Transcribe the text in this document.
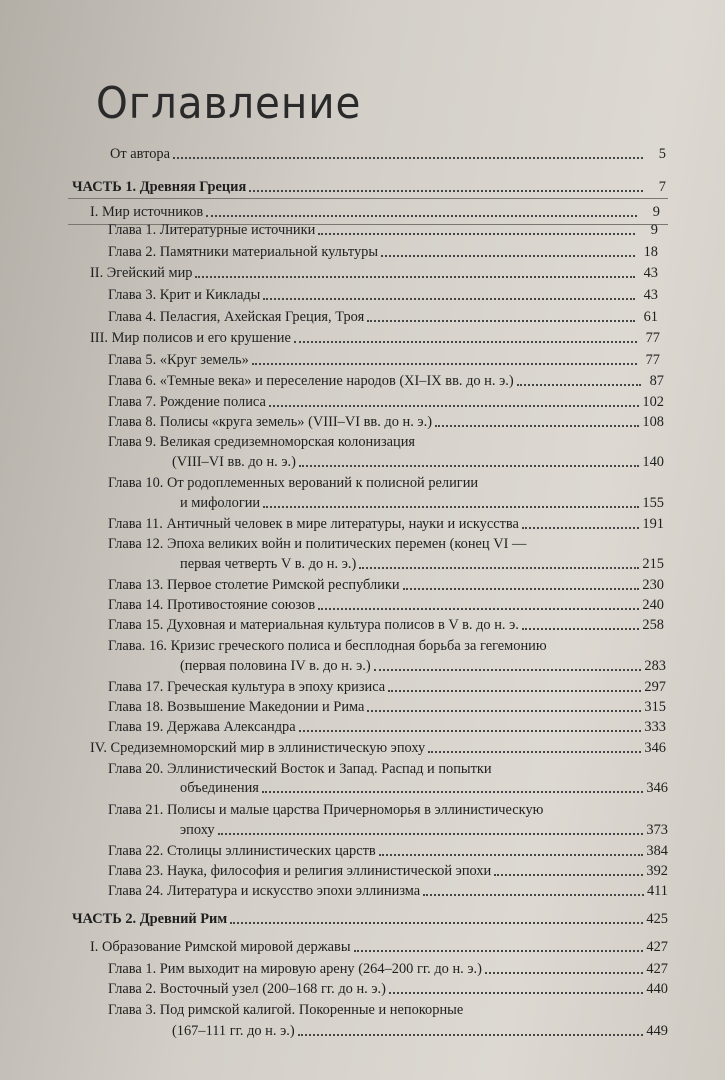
Оглавление
От автора	5
ЧАСТЬ 1. Древняя Греция	7
I. Мир источников	9
Глава 1. Литературные источники	9
Глава 2. Памятники материальной культуры	18
II. Эгейский мир	43
Глава 3. Крит и Киклады	43
Глава 4. Пеласгия, Ахейская Греция, Троя	61
III. Мир полисов и его крушение	77
Глава 5. «Круг земель»	77
Глава 6. «Темные века» и переселение народов (XI–IX вв. до н. э.)	87
Глава 7. Рождение полиса	102
Глава 8. Полисы «круга земель» (VIII–VI вв. до н. э.)	108
Глава 9. Великая средиземноморская колонизация
(VIII–VI вв. до н. э.)	140
Глава 10. От родоплеменных верований к полисной религии
и мифологии	155
Глава 11. Античный человек в мире литературы, науки и искусства	191
Глава 12. Эпоха великих войн и политических перемен (конец VI —
первая четверть V в. до н. э.)	215
Глава 13. Первое столетие Римской республики	230
Глава 14. Противостояние союзов	240
Глава 15. Духовная и материальная культура полисов в V в. до н. э.	258
Глава. 16. Кризис греческого полиса и бесплодная борьба за гегемонию
(первая половина IV в. до н. э.)	283
Глава 17. Греческая культура в эпоху кризиса	297
Глава 18. Возвышение Македонии и Рима	315
Глава 19. Держава Александра	333
IV. Средиземноморский мир в эллинистическую эпоху	346
Глава 20. Эллинистический Восток и Запад. Распад и попытки
объединения	346
Глава 21. Полисы и малые царства Причерноморья в эллинистическую
эпоху	373
Глава 22. Столицы эллинистических царств	384
Глава 23. Наука, философия и религия эллинистической эпохи	392
Глава 24. Литература и искусство эпохи эллинизма	411
ЧАСТЬ 2. Древний Рим	425
I. Образование Римской мировой державы	427
Глава 1. Рим выходит на мировую арену (264–200 гг. до н. э.)	427
Глава 2. Восточный узел (200–168 гг. до н. э.)	440
Глава 3. Под римской калигой. Покоренные и непокорные
(167–111 гг. до н. э.)	449
